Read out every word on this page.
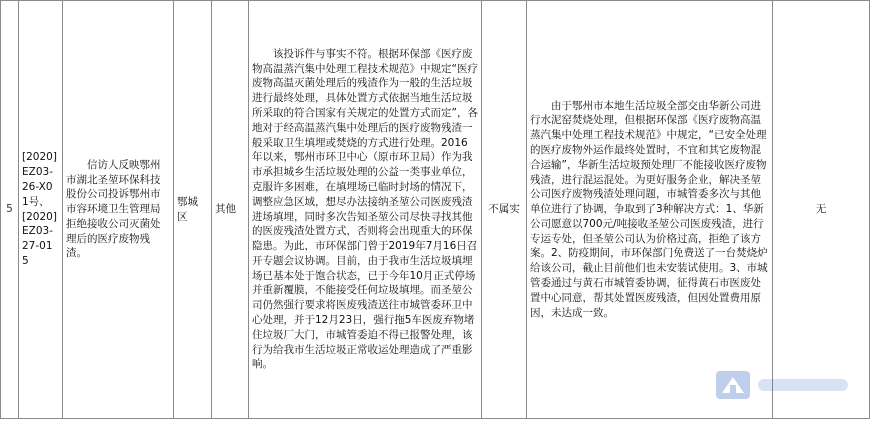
5	[2020]EZ03-26-X01号、[2020]EZ03-27-015	信访人反映鄂州市湖北圣堃环保科技股份公司投诉鄂州市市容环境卫生管理局拒绝接收公司灭菌处理后的医疗废物残渣。	鄂城区	其他	该投诉件与事实不符。根据环保部《医疗废物高温蒸汽集中处理工程技术规范》中规定“医疗废物高温灭菌处理后的残渣作为一般的生活垃圾进行最终处理，具体处置方式依据当地生活垃圾所采取的符合国家有关规定的处置方式而定”，各地对于经高温蒸汽集中处理后的医疗废物残渣一般采取卫生填埋或焚烧的方式进行处理。2016年以来，鄂州市环卫中心（原市环卫局）作为我市承担城乡生活垃圾处理的公益一类事业单位，克服许多困难，在填埋场已临时封场的情况下，调整应急区域，想尽办法接纳圣堃公司医废残渣进场填埋，同时多次告知圣堃公司尽快寻找其他的医废残渣处置方式，否则将会出现重大的环保隐患。为此，市环保部门曾于2019年7月16日召开专题会议协调。目前，由于我市生活垃圾填埋场已基本处于饱合状态，已于今年10月正式停场并重新覆膜，不能接受任何垃圾填埋。而圣堃公司仍然强行要求将医废残渣送往市城管委环卫中心处理，并于12月23日，强行拖5车医废弃物堵住垃圾厂大门，市城管委迫不得已报警处理，该行为给我市生活垃圾正常收运处理造成了严重影响。	不属实	由于鄂州市本地生活垃圾全部交由华新公司进行水泥窑焚烧处理，但根据环保部《医疗废物高温蒸汽集中处理工程技术规范》中规定，“已安全处理的医疗废物外运作最终处置时，不宜和其它废物混合运输”，华新生活垃圾预处理厂不能接收医疗废物残渣，进行混运混处。为更好服务企业，解决圣堃公司医疗废物残渣处理问题，市城管委多次与其他单位进行了协调，争取到了3种解决方式：1、华新公司愿意以700元/吨接收圣堃公司医废残渣，进行专运专处，但圣堃公司认为价格过高，拒绝了该方案。2、防疫期间，市环保部门免费送了一台焚烧炉给该公司，截止目前他们也未安装试使用。3、市城管委通过与黄石市城管委协调，征得黄石市医废处置中心同意，帮其处置医废残渣，但因处置费用原因，未达成一致。	无
